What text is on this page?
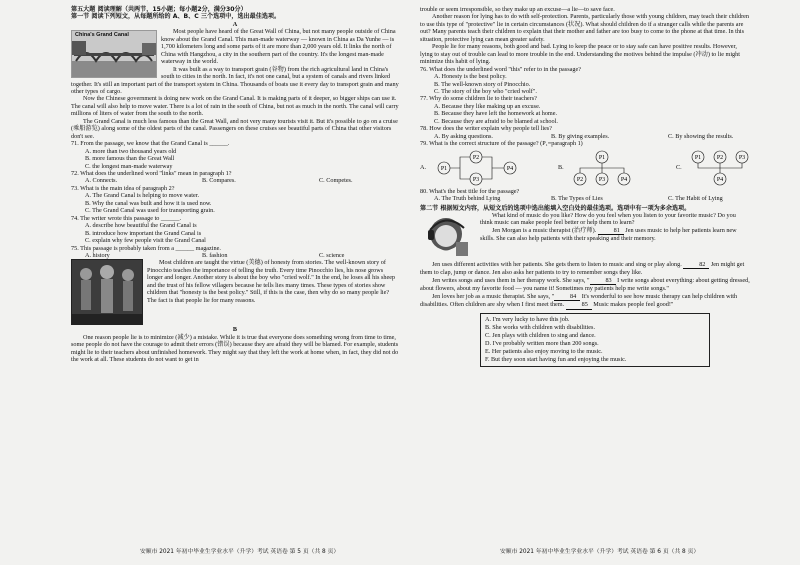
第五大题 阅读理解（共两节，15小题；每小题2分，满分30分）

第一节 阅读下列短文，从每题所给的 A、B、C 三个选项中，选出最佳选项。

A

China's Grand Canal	Most people have heard of the Great Wall of China, but not many people outside of China know about the Grand Canal. This man-made waterway — known in China as Da Yunhe — is 1,700 kilometers long and some parts of it are more than 2,000 years old. It links the north of China with Hangzhou, a city in the southern part of the country. It's the longest man-made waterway in the world.

It was built as a way to transport grain (谷物) from the rich agricultural land in China's south to cities in the north. In fact, it's not one canal, but a system of canals and rivers linked together. It's still an important part of the transport system in China. Thousands of boats use it every day to transport grain and many other types of cargo.

Now the Chinese government is doing new work on the Grand Canal. It is making parts of it deeper, so bigger ships can use it. The canal will also help to move water. There is a lot of rain in the south of China, but not as much in the north. The canal will carry millions of liters of water from the south to the north.

The Grand Canal is much less famous than the Great Wall, and not very many tourists visit it. But it's possible to go on a cruise (乘船游览) along some of the oldest parts of the canal. Passengers on these cruises see beautiful parts of China that other visitors don't see.

71. From the passage, we know that the Grand Canal is ______.

A. more than two thousand years old

B. more famous than the Great Wall

C. the longest man-made waterway

72. What does the underlined word "links" mean in paragraph 1?

A. Connects.	B. Compares.	C. Competes.

73. What is the main idea of paragraph 2?

A. The Grand Canal is helping to move water.

B. Why the canal was built and how it is used now.

C. The Grand Canal was used for transporting grain.

74. The writer wrote this passage to ______.

A. describe how beautiful the Grand Canal is

B. introduce how important the Grand Canal is

C. explain why few people visit the Grand Canal

75. This passage is probably taken from a ______ magazine.

A. history	B. fashion	C. science

Most children are taught the virtue (美德) of honesty from stories. The well-known story of Pinocchio teaches the importance of telling the truth. Every time Pinocchio lies, his nose grows longer and longer. Another story is about the boy who "cried wolf." In the end, he loses all his sheep and the trust of his fellow villagers because he tells lies many times. These types of stories show children that "honesty is the best policy." Still, if this is the case, then why do so many people lie? The fact is that people lie for many reasons.

B

One reason people lie is to minimize (减少) a mistake. While it is true that everyone does something wrong from time to time, some people do not have the courage to admit their errors (错误) because they are afraid they will be blamed. For example, students might lie to their teachers about unfinished homework. They might say that they left the work at home when, in fact, they did not do the work at all. These students do not want to get in

安顺市 2021 年初中毕业生学业水平（升学）考试 英语卷 第 5 页（共 8 页）

trouble or seem irresponsible, so they make up an excuse—a lie—to save face.

Another reason for lying has to do with self-protection. Parents, particularly those with young children, may teach their children to use this type of "protective" lie in certain circumstances (状况). What should children do if a stranger calls while the parents are out? Many parents teach their children to explain that their mother and father are too busy to come to the phone at that time. In this situation, protective lying can mean greater safety.

People lie for many reasons, both good and bad. Lying to keep the peace or to stay safe can have positive results. However, lying to stay out of trouble can lead to more trouble in the end. Understanding the motives behind the impulse (冲动) to lie might minimize this habit of lying.

76. What does the underlined word "this" refer to in the passage?

A. Honesty is the best policy.

B. The well-known story of Pinocchio.

C. The story of the boy who "cried wolf".

77. Why do some children lie to their teachers?

A. Because they like making up an excuse.

B. Because they have left the homework at home.

C. Because they are afraid to be blamed at school.

78. How does the writer explain why people tell lies?

A. By asking questions.	B. By giving examples.	C. By showing the results.

79. What is the correct structure of the passage? (P₁=paragraph 1)

A.	P1
P2
P3
P4	B.
P1
P2	P3	P4
C.
P1	P2	P3
P4

80. What's the best title for the passage?

A. The Truth behind Lying	B. The Types of Lies	C. The Habit of Lying

第二节 根据短文内容，从短文后的选项中选出能填入空白处的最佳选项。选项中有一项为多余选项。

What kind of music do you like? How do you feel when you listen to your favorite music? Do you think music can make people feel better or help them to learn?

Jen Morgan is a music therapist (治疗师).	81 Jen uses music to help her patients learn new skills. She can also help patients with their speaking and their memory.

Jen uses different activities with her patients. She gets them to listen to music and sing or play along.	82 Jen might get them to clap, jump or dance. Jen also asks her patients to try to remember songs they like.

Jen writes songs and uses them in her therapy work. She says, "	83 I write songs about everything: about getting dressed, about flowers, about my favorite food — you name it! Sometimes my patients help me write songs."

Jen loves her job as a music therapist. She says, "	84 It's wonderful to see how music therapy can help children with disabilities. Often children are shy when I first meet them.	85 Music makes people feel good!"

A. I'm very lucky to have this job.

B. She works with children with disabilities.

C. Jen plays with children to sing and dance.

D. I've probably written more than 200 songs.

E. Her patients also enjoy moving to the music.

F. But they soon start having fun and enjoying the music.

安顺市 2021 年初中毕业生学业水平（升学）考试 英语卷 第 6 页（共 8 页）
